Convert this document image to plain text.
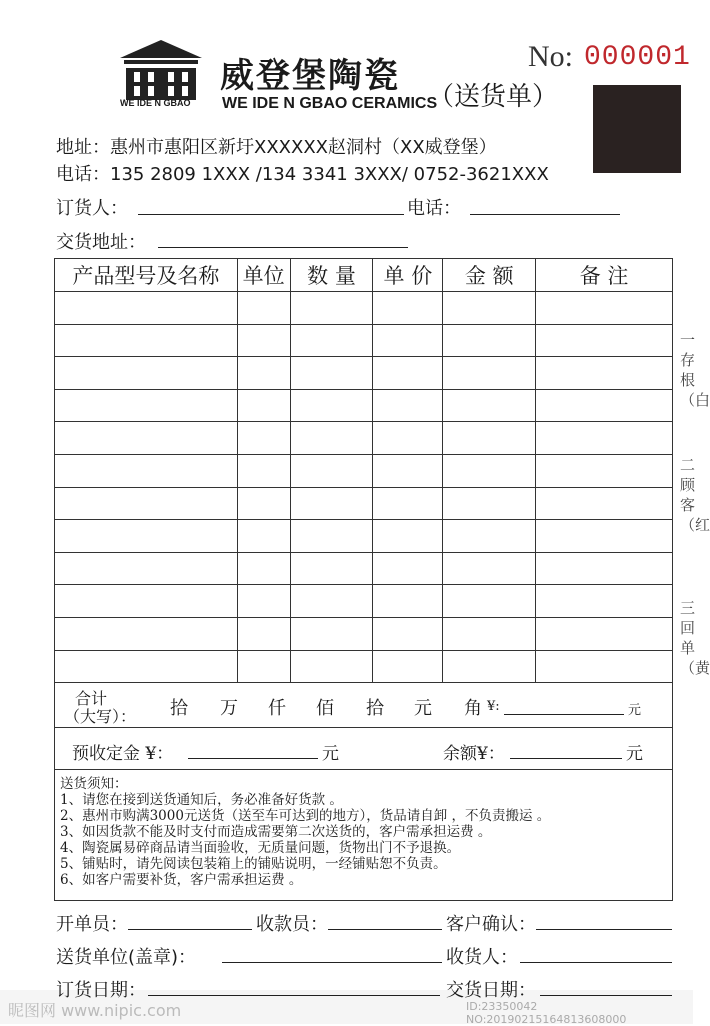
WE IDE N GBAO
威登堡陶瓷
WE IDE N GBAO CERAMICS
（送货单）
No: 000001
地址：惠州市惠阳区新圩XXXXXX赵洞村（XX威登堡）
电话：135 2809 1XXX /134 3341 3XXX/ 0752-3621XXX
订货人：	电话：
交货地址：
产品型号及名称	单位	数 量	单 价	金 额	备 注

合计
（大写）： 拾 万 仟 佰 拾 元 角 ¥:	元
预收定金 ¥：	元	余额¥：	元
送货须知：
1、请您在接到送货通知后，务必准备好货款 。
2、惠州市购满3000元送货（送至车可达到的地方），货品请自卸 ，不负责搬运 。
3、如因货款不能及时支付而造成需要第二次送货的，客户需承担运费 。
4、陶瓷属易碎商品请当面验收，无质量问题，货物出门不予退换。
5、铺贴时，请先阅读包装箱上的铺贴说明，一经铺贴恕不负责。
6、如客户需要补货，客户需承担运费 。
开单员：	收款员：	客户确认：
送货单位(盖章)：	收货人：
订货日期：	交货日期：
一
存
根
（白
二
顾
客
（红
三
回
单
（黄
昵图网 www.nipic.com	ID:23350042 NO:20190215164813608000
